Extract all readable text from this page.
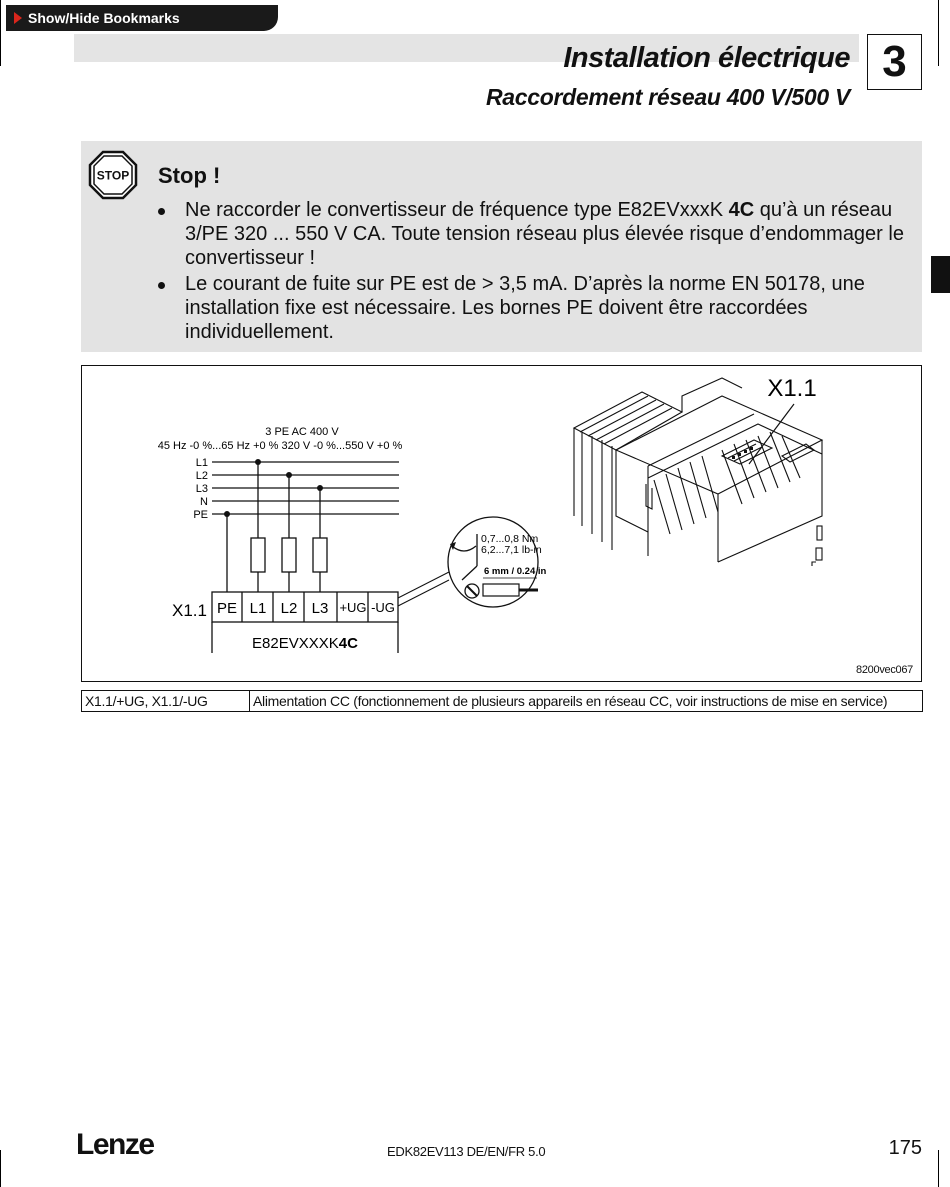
Show/Hide Bookmarks
Installation électrique
Raccordement réseau 400 V/500 V
3
STOP Stop !
Ne raccorder le convertisseur de fréquence type E82EVxxxK 4C qu’à un réseau 3/PE 320 ... 550 V CA. Toute tension réseau plus élevée risque d’endommager le convertisseur !
Le courant de fuite sur PE est de > 3,5 mA. D’après la norme EN 50178, une installation fixe est nécessaire. Les bornes PE doivent être raccordées individuellement.
3 PE AC 400 V
45 Hz -0 %...65 Hz +0 % 320 V -0 %...550 V +0 %
L1
L2
L3
N
PE
X1.1 PE L1 L2 L3 +UG -UG
E82EVXXXK4C
0,7...0,8 Nm
6,2...7,1 lb-in
6 mm / 0.24 in
X1.1
8200vec067
X1.1/+UG, X1.1/-UG	Alimentation CC (fonctionnement de plusieurs appareils en réseau CC, voir instructions de mise en service)
Lenze	EDK82EV113 DE/EN/FR 5.0	175
